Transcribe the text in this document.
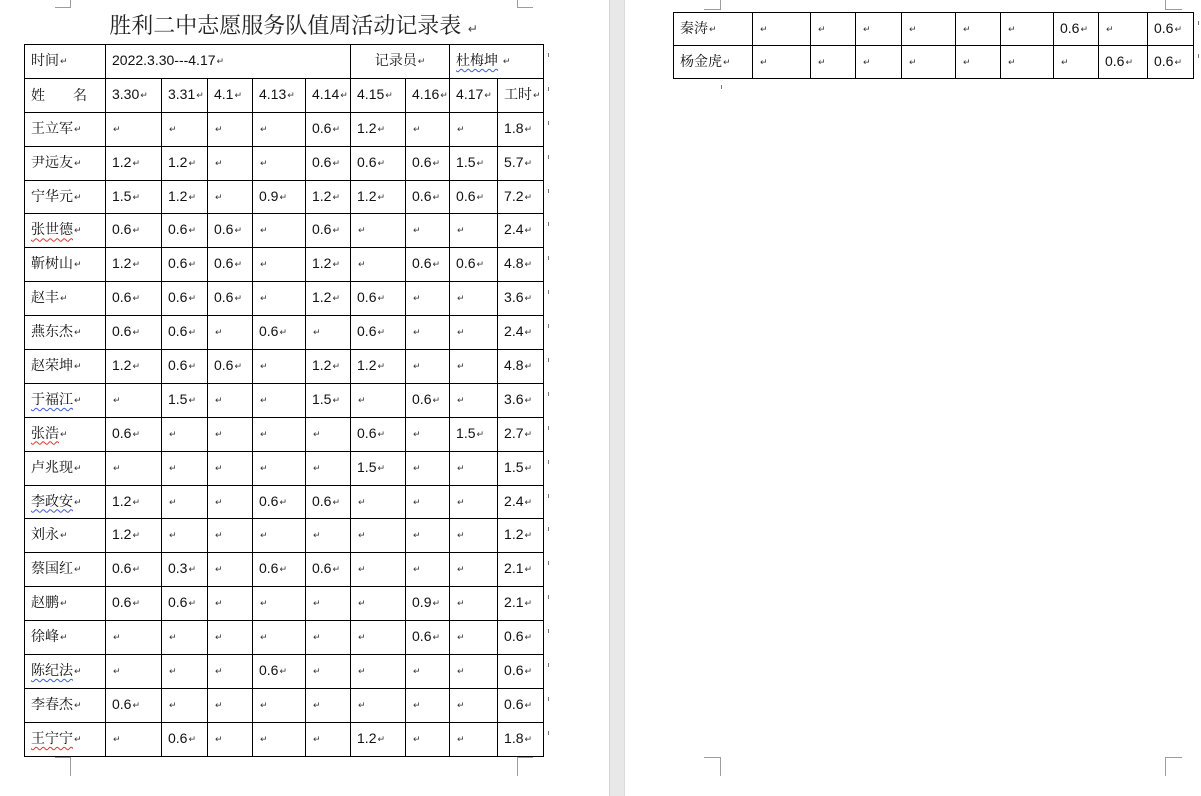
胜利二中志愿服务队值周活动记录表 ↵
时间 ↵	2022.3.30---4.17 ↵					记录员 ↵		杜梅坤 ↵
姓　　名	3.30 ↵	3.31 ↵	4.1 ↵	4.13 ↵	4.14 ↵	4.15 ↵	4.16 ↵	4.17 ↵	工时 ↵
王立军 ↵	↵	↵	↵	↵	0.6 ↵	1.2 ↵	↵	↵	1.8 ↵
尹远友 ↵	1.2 ↵	1.2 ↵	↵	↵	0.6 ↵	0.6 ↵	0.6 ↵	1.5 ↵	5.7 ↵
宁华元 ↵	1.5 ↵	1.2 ↵	↵	0.9 ↵	1.2 ↵	1.2 ↵	0.6 ↵	0.6 ↵	7.2 ↵
张世德 ↵	0.6 ↵	0.6 ↵	0.6 ↵	↵	0.6 ↵	↵	↵	↵	2.4 ↵
靳树山 ↵	1.2 ↵	0.6 ↵	0.6 ↵	↵	1.2 ↵	↵	0.6 ↵	0.6 ↵	4.8 ↵
赵丰 ↵	0.6 ↵	0.6 ↵	0.6 ↵	↵	1.2 ↵	0.6 ↵	↵	↵	3.6 ↵
燕东杰 ↵	0.6 ↵	0.6 ↵	↵	0.6 ↵	↵	0.6 ↵	↵	↵	2.4 ↵
赵荣坤 ↵	1.2 ↵	0.6 ↵	0.6 ↵	↵	1.2 ↵	1.2 ↵	↵	↵	4.8 ↵
于福江 ↵	↵	1.5 ↵	↵	↵	1.5 ↵	↵	0.6 ↵	↵	3.6 ↵
张浩 ↵	0.6 ↵	↵	↵	↵	↵	0.6 ↵	↵	1.5 ↵	2.7 ↵
卢兆现 ↵	↵	↵	↵	↵	↵	1.5 ↵	↵	↵	1.5 ↵
李政安 ↵	1.2 ↵	↵	↵	0.6 ↵	0.6 ↵	↵	↵	↵	2.4 ↵
刘永 ↵	1.2 ↵	↵	↵	↵	↵	↵	↵	↵	1.2 ↵
蔡国红 ↵	0.6 ↵	0.3 ↵	↵	0.6 ↵	0.6 ↵	↵	↵	↵	2.1 ↵
赵鹏 ↵	0.6 ↵	0.6 ↵	↵	↵	↵	↵	0.9 ↵	↵	2.1 ↵
徐峰 ↵	↵	↵	↵	↵	↵	↵	0.6 ↵	↵	0.6 ↵
陈纪法 ↵	↵	↵	↵	0.6 ↵	↵	↵	↵	↵	0.6 ↵
李春杰 ↵	0.6 ↵	↵	↵	↵	↵	↵	↵	↵	0.6 ↵
王宁宁 ↵	↵	0.6 ↵	↵	↵	↵	1.2 ↵	↵	↵	1.8 ↵
秦涛 ↵	↵	↵	↵	↵	↵	↵	0.6 ↵	↵	0.6 ↵
杨金虎 ↵	↵	↵	↵	↵	↵	↵	↵	0.6 ↵	0.6 ↵
